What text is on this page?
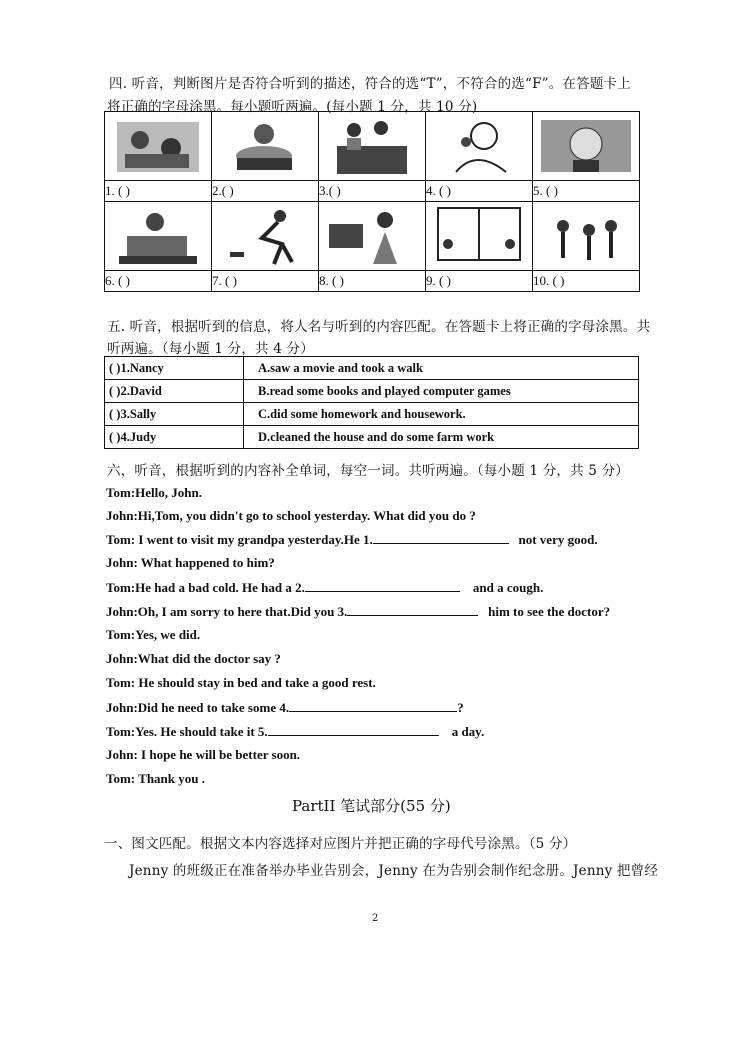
四. 听音，判断图片是否符合听到的描述，符合的选“T”，不符合的选“F”。在答题卡上
将正确的字母涂黑。每小题听两遍。(每小题 1 分，共 10 分)

1. ( )	2.( )	3.( )	4. ( )	5. ( )

6. ( )	7. ( )	8. ( )	9. ( )	10. ( )
五. 听音，根据听到的信息，将人名与听到的内容匹配。在答题卡上将正确的字母涂黑。共
听两遍。（每小题 1 分，共 4 分）
( )1.Nancy	A.saw a movie and took a walk
( )2.David	B.read some books and played computer games
( )3.Sally	C.did some homework and housework.
( )4.Judy	D.cleaned the house and do some farm work
六，听音，根据听到的内容补全单词，每空一词。共听两遍。（每小题 1 分，共 5 分）
Tom:Hello, John.
John:Hi,Tom, you didn't go to school yesterday. What did you do ?
Tom: I went to visit my grandpa yesterday.He 1.	not very good.
John: What happened to him?
Tom:He had a bad cold. He had a 2.	and a cough.
John:Oh, I am sorry to here that.Did you 3.	him to see the doctor?
Tom:Yes, we did.
John:What did the doctor say ?
Tom: He should stay in bed and take a good rest.
John:Did he need to take some 4.	?
Tom:Yes. He should take it 5.	a day.
John: I hope he will be better soon.
Tom: Thank you .
PartII 笔试部分(55 分)
一、图文匹配。根据文本内容选择对应图片并把正确的字母代号涂黑。（5 分）
Jenny 的班级正在准备举办毕业告别会，Jenny 在为告别会制作纪念册。Jenny 把曾经
2
